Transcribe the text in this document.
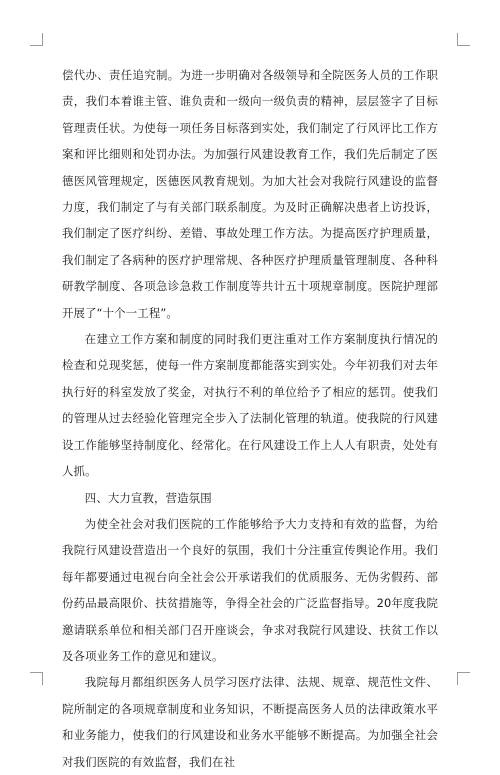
偿代办、责任追究制。为进一步明确对各级领导和全院医务人员的工作职责，我们本着谁主管、谁负责和一级向一级负责的精神，层层签字了目标管理责任状。为使每一项任务目标落到实处，我们制定了行风评比工作方案和评比细则和处罚办法。为加强行风建设教育工作，我们先后制定了医德医风管理规定，医德医风教育规划。为加大社会对我院行风建设的监督力度，我们制定了与有关部门联系制度。为及时正确解决患者上访投诉，我们制定了医疗纠纷、差错、事故处理工作方法。为提高医疗护理质量，我们制定了各病种的医疗护理常规、各种医疗护理质量管理制度、各种科研教学制度、各项急诊急救工作制度等共计五十项规章制度。医院护理部开展了“十个一工程”。

在建立工作方案和制度的同时我们更注重对工作方案制度执行情况的检查和兑现奖惩，使每一件方案制度都能落实到实处。今年初我们对去年执行好的科室发放了奖金，对执行不利的单位给予了相应的惩罚。使我们的管理从过去经验化管理完全步入了法制化管理的轨道。使我院的行风建设工作能够坚持制度化、经常化。在行风建设工作上人人有职责，处处有人抓。

四、大力宣教，营造氛围

为使全社会对我们医院的工作能够给予大力支持和有效的监督，为给我院行风建设营造出一个良好的氛围，我们十分注重宣传舆论作用。我们每年都要通过电视台向全社会公开承诺我们的优质服务、无伪劣假药、部份药品最高限价、扶贫措施等，争得全社会的广泛监督指导。20年度我院邀请联系单位和相关部门召开座谈会，争求对我院行风建设、扶贫工作以及各项业务工作的意见和建议。

我院每月都组织医务人员学习医疗法律、法规、规章、规范性文件、院所制定的各项规章制度和业务知识，不断提高医务人员的法律政策水平和业务能力，使我们的行风建设和业务水平能够不断提高。为加强全社会对我们医院的有效监督，我们在社
